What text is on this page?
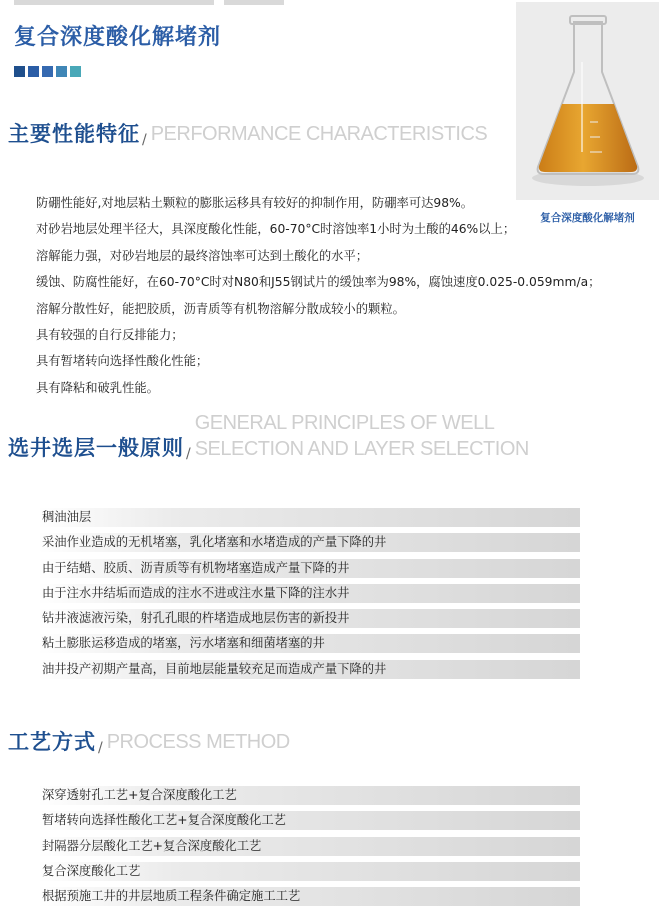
复合深度酸化解堵剂
复合深度酸化解堵剂
主要性能特征 / PERFORMANCE CHARACTERISTICS
防硼性能好,对地层粘土颗粒的膨胀运移具有较好的抑制作用，防硼率可达98%。
对砂岩地层处理半径大，具深度酸化性能，60-70°C时溶蚀率1小时为土酸的46%以上；
溶解能力强，对砂岩地层的最终溶蚀率可达到土酸化的水平；
缓蚀、防腐性能好，在60-70°C时对N80和J55钢试片的缓蚀率为98%，腐蚀速度0.025-0.059mm/a；
溶解分散性好，能把胶质，沥青质等有机物溶解分散成较小的颗粒。
具有较强的自行反排能力；
具有暂堵转向选择性酸化性能；
具有降粘和破乳性能。
选井选层一般原则 /GENERAL PRINCIPLES OF WELL SELECTION AND LAYER SELECTION
稠油油层
采油作业造成的无机堵塞，乳化堵塞和水堵造成的产量下降的井
由于结蜡、胶质、沥青质等有机物堵塞造成产量下降的井
由于注水井结垢而造成的注水不进或注水量下降的注水井
钻井液滤液污染，射孔孔眼的杵堵造成地层伤害的新投井
粘土膨胀运移造成的堵塞，污水堵塞和细菌堵塞的井
油井投产初期产量高，目前地层能量较充足而造成产量下降的井
工艺方式 / PROCESS METHOD
深穿透射孔工艺+复合深度酸化工艺
暂堵转向选择性酸化工艺+复合深度酸化工艺
封隔器分层酸化工艺+复合深度酸化工艺
复合深度酸化工艺
根据预施工井的井层地质工程条件确定施工工艺
